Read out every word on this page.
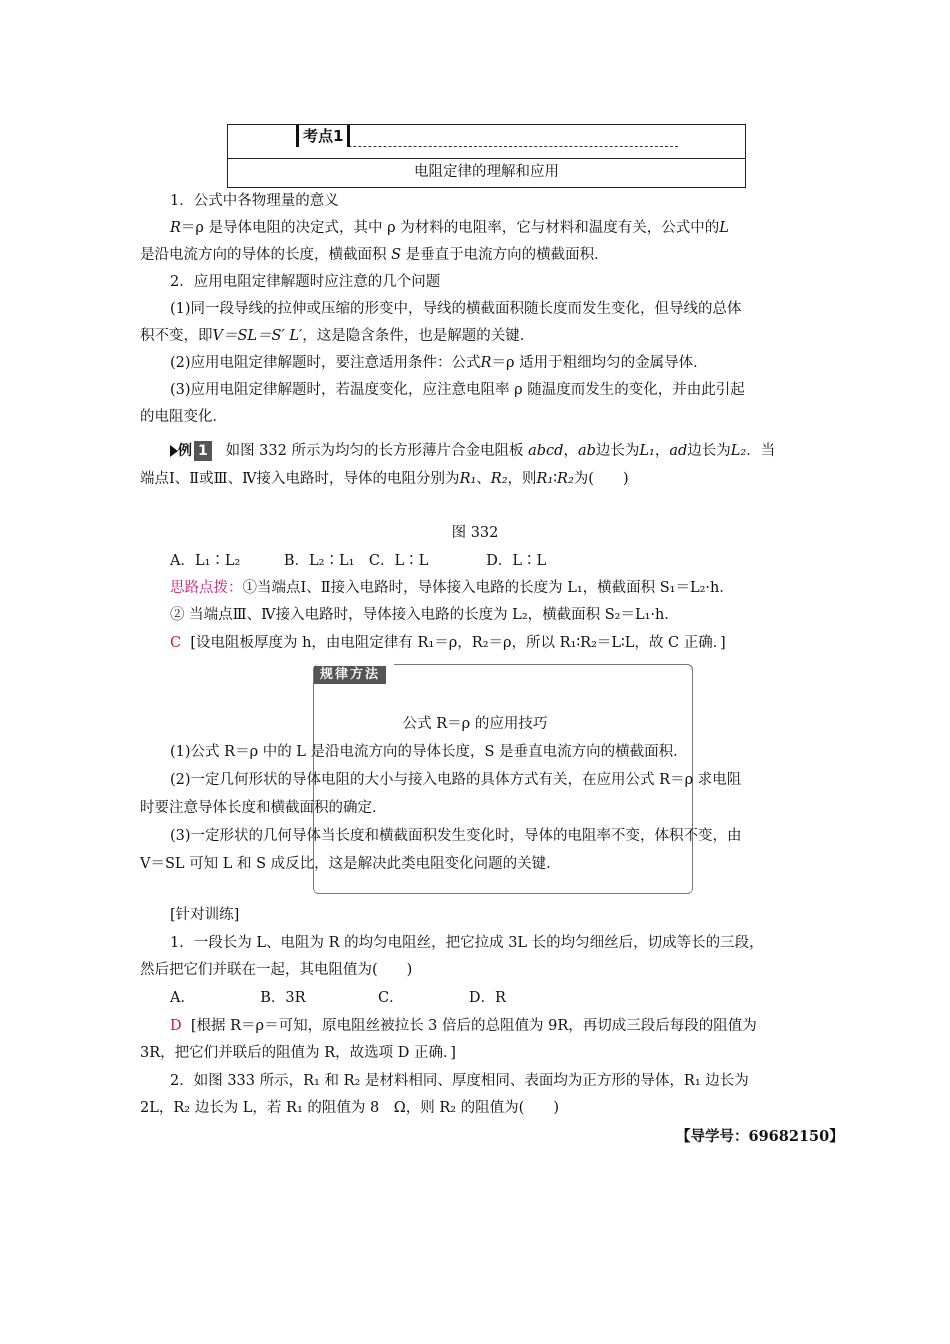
考点1
电阻定律的理解和应用
1．公式中各物理量的意义
R＝ρ 是导体电阻的决定式，其中 ρ 为材料的电阻率，它与材料和温度有关，公式中的L
是沿电流方向的导体的长度，横截面积 S 是垂直于电流方向的横截面积．
2．应用电阻定律解题时应注意的几个问题
(1)同一段导线的拉伸或压缩的形变中，导线的横截面积随长度而发生变化，但导线的总体
积不变，即V＝SL＝S′ L′，这是隐含条件，也是解题的关键．
(2)应用电阻定律解题时，要注意适用条件：公式R＝ρ 适用于粗细均匀的金属导体．
(3)应用电阻定律解题时，若温度变化，应注意电阻率 ρ 随温度而发生的变化，并由此引起
的电阻变化．
例 1 如图 332 所示为均匀的长方形薄片合金电阻板 abcd，ab边长为L₁，ad边长为L₂．当
端点Ⅰ、Ⅱ或Ⅲ、Ⅳ接入电路时，导体的电阻分别为R₁、R₂，则R₁∶R₂为(　　)
图 332
A．L₁∶L₂　　　B．L₂∶L₁　C．L∶L　　　　D．L∶L
思路点拨：①当端点Ⅰ、Ⅱ接入电路时，导体接入电路的长度为 L₁，横截面积 S₁＝L₂·h．
② 当端点Ⅲ、Ⅳ接入电路时，导体接入电路的长度为 L₂，横截面积 S₂＝L₁·h．
C [设电阻板厚度为 h，由电阻定律有 R₁＝ρ，R₂＝ρ，所以 R₁∶R₂＝L∶L，故 C 正确．]
规律方法
公式 R＝ρ 的应用技巧
(1)公式 R＝ρ 中的 L 是沿电流方向的导体长度，S 是垂直电流方向的横截面积．
(2)一定几何形状的导体电阻的大小与接入电路的具体方式有关，在应用公式 R＝ρ 求电阻
时要注意导体长度和横截面积的确定．
(3)一定形状的几何导体当长度和横截面积发生变化时，导体的电阻率不变，体积不变，由
V＝SL 可知 L 和 S 成反比，这是解决此类电阻变化问题的关键．
[针对训练]
1．一段长为 L、电阻为 R 的均匀电阻丝，把它拉成 3L 长的均匀细丝后，切成等长的三段，
然后把它们并联在一起，其电阻值为(　　)
A．　　　　　B．3R　　　　　C．　　　　　D．R
D [根据 R＝ρ＝可知，原电阻丝被拉长 3 倍后的总阻值为 9R，再切成三段后每段的阻值为
3R，把它们并联后的阻值为 R，故选项 D 正确．]
2．如图 333 所示，R₁ 和 R₂ 是材料相同、厚度相同、表面均为正方形的导体，R₁ 边长为
2L，R₂ 边长为 L，若 R₁ 的阻值为 8　Ω，则 R₂ 的阻值为(　　)
【导学号：69682150】
